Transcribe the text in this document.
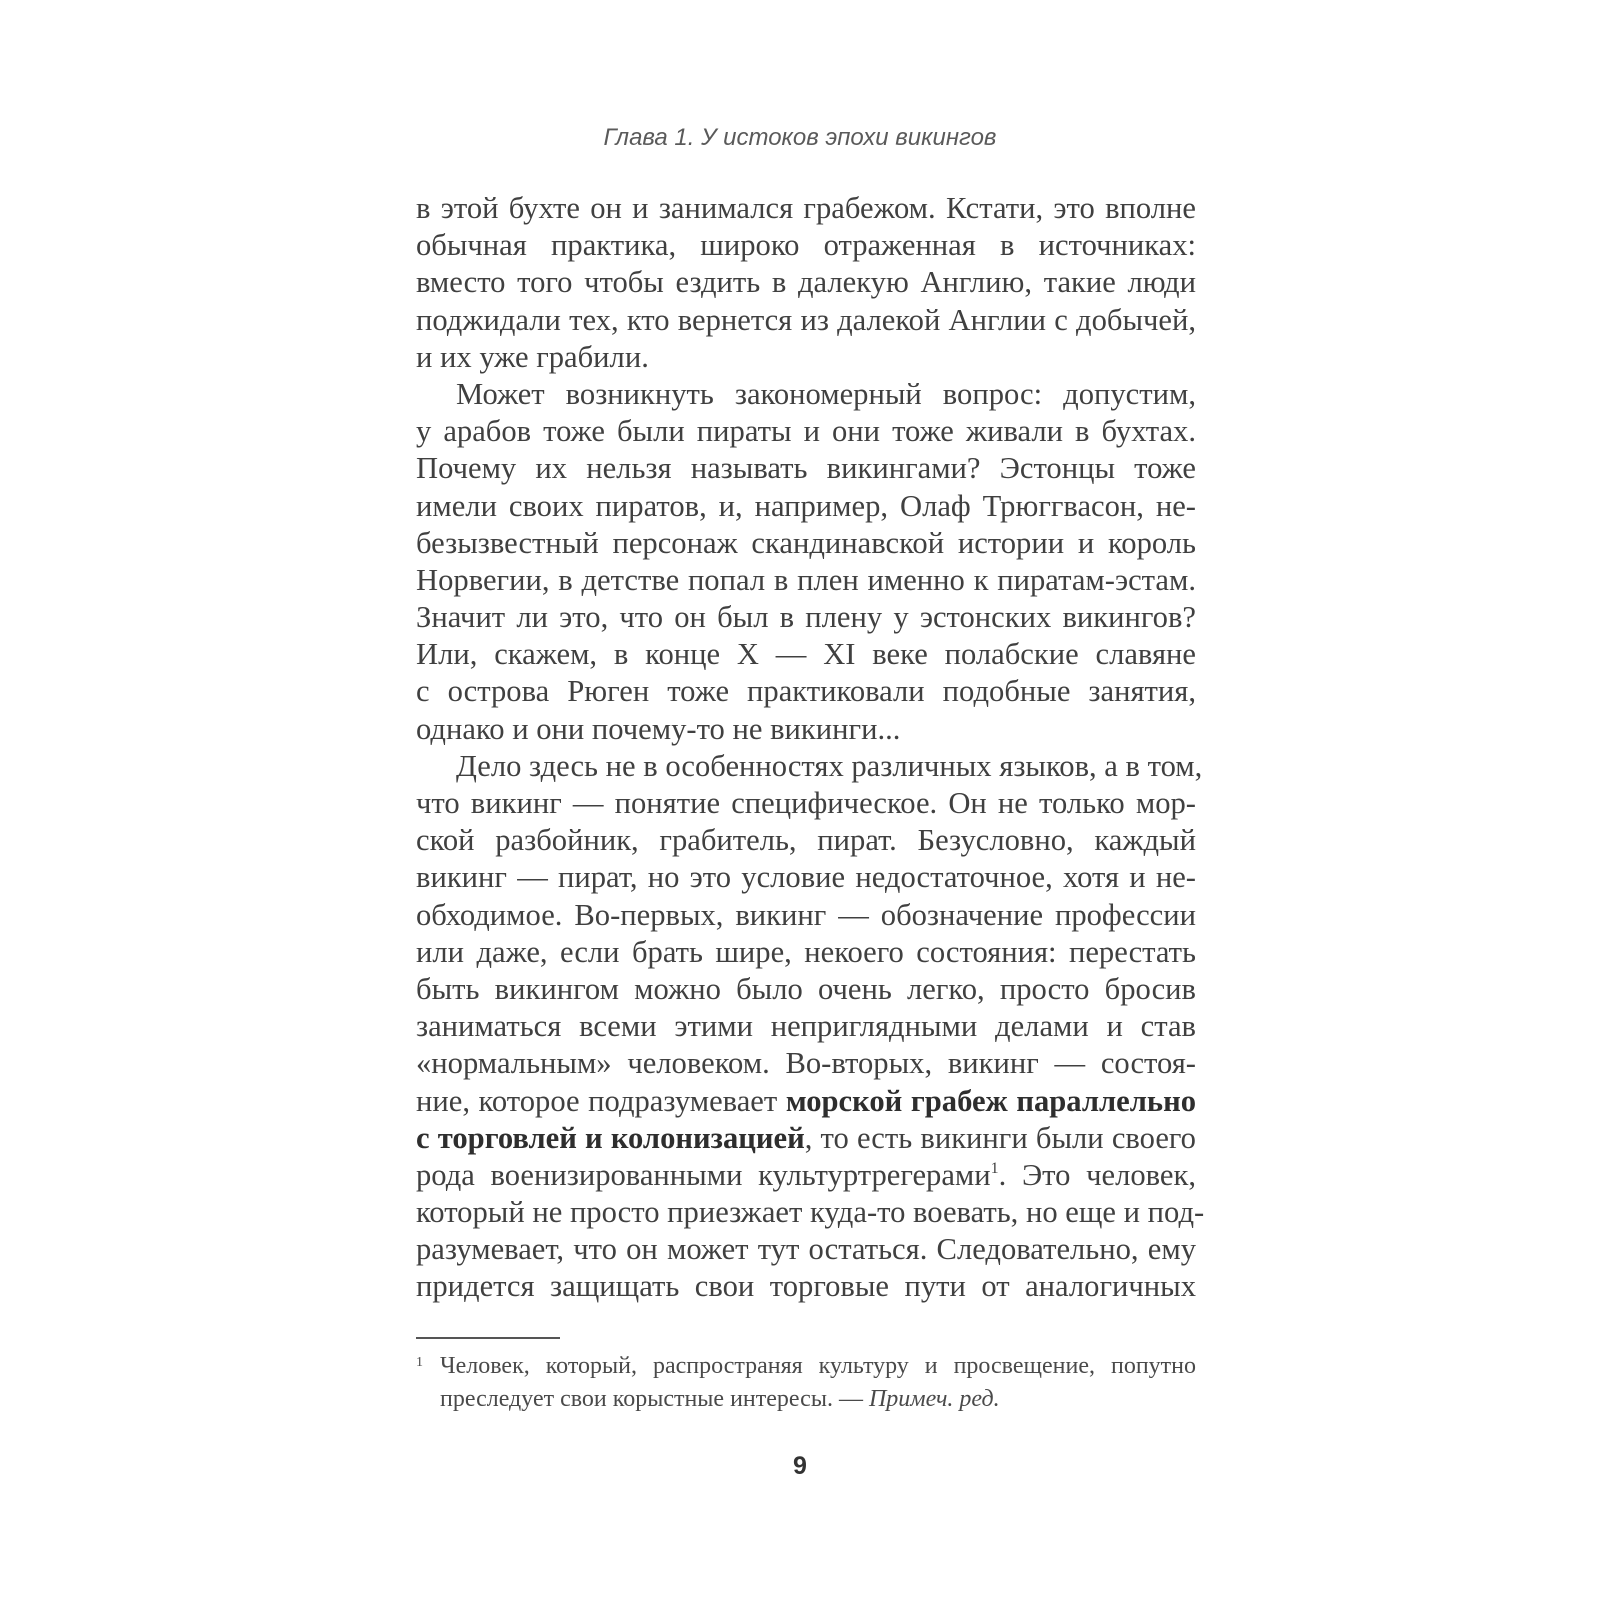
Глава 1. У истоков эпохи викингов
в этой бухте он и занимался грабежом. Кстати, это вполне
обычная практика, широко отраженная в источниках:
вместо того чтобы ездить в далекую Англию, такие люди
поджидали тех, кто вернется из далекой Англии с добычей,
и их уже грабили.
Может возникнуть закономерный вопрос: допустим,
у арабов тоже были пираты и они тоже живали в бухтах.
Почему их нельзя называть викингами? Эстонцы тоже
имели своих пиратов, и, например, Олаф Трюггвасон, не-
безызвестный персонаж скандинавской истории и король
Норвегии, в детстве попал в плен именно к пиратам-эстам.
Значит ли это, что он был в плену у эстонских викингов?
Или, скажем, в конце X — XI веке полабские славяне
с острова Рюген тоже практиковали подобные занятия,
однако и они почему-то не викинги...
Дело здесь не в особенностях различных языков, а в том,
что викинг — понятие специфическое. Он не только мор-
ской разбойник, грабитель, пират. Безусловно, каждый
викинг — пират, но это условие недостаточное, хотя и не-
обходимое. Во-первых, викинг — обозначение профессии
или даже, если брать шире, некоего состояния: перестать
быть викингом можно было очень легко, просто бросив
заниматься всеми этими неприглядными делами и став
«нормальным» человеком. Во-вторых, викинг — состоя-
ние, которое подразумевает морской грабеж параллельно
с торговлей и колонизацией, то есть викинги были своего
рода военизированными культуртрегерами$^1$. Это человек,
который не просто приезжает куда-то воевать, но еще и под-
разумевает, что он может тут остаться. Следовательно, ему
придется защищать свои торговые пути от аналогичных
1 Человек, который, распространяя культуру и просвещение, попутно
преследует свои корыстные интересы. — Примеч. ред.
9
